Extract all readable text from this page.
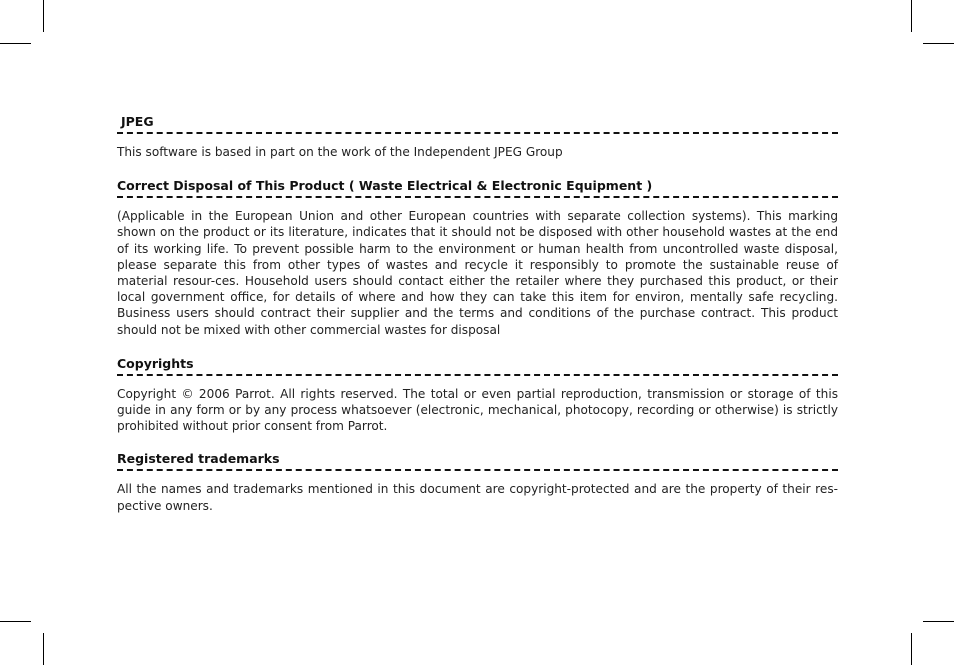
JPEG

This software is based in part on the work of the Independent JPEG Group

Correct Disposal of This Product ( Waste Electrical & Electronic Equipment )

(Applicable in the European Union and other European countries with separate collection systems). This marking shown on the product or its literature, indicates that it should not be disposed with other household wastes at the end of its working life. To prevent possible harm to the environment or human health from uncontrolled waste disposal, please separate this from other types of wastes and recycle it responsibly to promote the sustainable reuse of material resour-ces. Household users should contact either the retailer where they purchased this product, or their local government office, for details of where and how they can take this item for environ, mentally safe recycling. Business users should contract their supplier and the terms and conditions of the purchase contract. This product should not be mixed with other commercial wastes for disposal

Copyrights

Copyright © 2006 Parrot. All rights reserved. The total or even partial reproduction, transmission or storage of this guide in any form or by any process whatsoever (electronic, mechanical, photocopy, recording or otherwise) is strictly prohibited without prior consent from Parrot.

Registered trademarks

All the names and trademarks mentioned in this document are copyright-protected and are the property of their res-pective owners.
